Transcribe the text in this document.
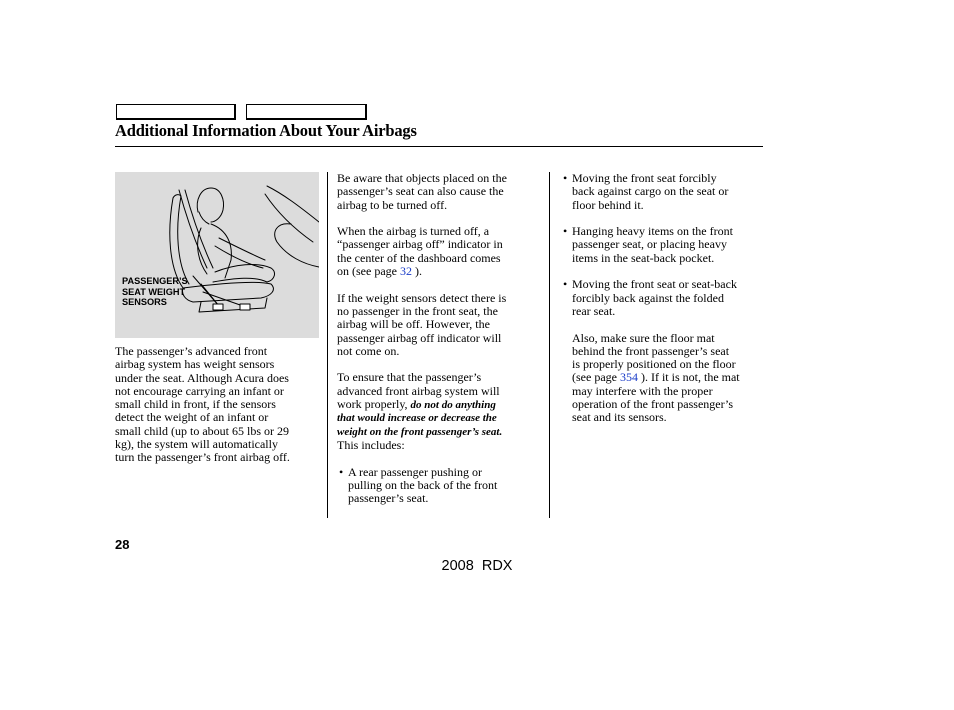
Additional Information About Your Airbags
PASSENGER’S
SEAT WEIGHT
SENSORS
The passenger’s advanced front
airbag system has weight sensors
under the seat. Although Acura does
not encourage carrying an infant or
small child in front, if the sensors
detect the weight of an infant or
small child (up to about 65 lbs or 29
kg), the system will automatically
turn the passenger’s front airbag off.

Be aware that objects placed on the
passenger’s seat can also cause the
airbag to be turned off.

When the airbag is turned off, a
“passenger airbag off” indicator in
the center of the dashboard comes
on (see page 32 ).

If the weight sensors detect there is
no passenger in the front seat, the
airbag will be off. However, the
passenger airbag off indicator will
not come on.

To ensure that the passenger’s
advanced front airbag system will
work properly, do not do anything
that would increase or decrease the
weight on the front passenger’s seat.
This includes:

• A rear passenger pushing or
pulling on the back of the front
passenger’s seat.
• Moving the front seat forcibly
back against cargo on the seat or
floor behind it.
• Hanging heavy items on the front
passenger seat, or placing heavy
items in the seat-back pocket.
• Moving the front seat or seat-back
forcibly back against the folded
rear seat.

Also, make sure the floor mat
behind the front passenger’s seat
is properly positioned on the floor
(see page 354 ). If it is not, the mat
may interfere with the proper
operation of the front passenger’s
seat and its sensors.

28
2008  RDX
